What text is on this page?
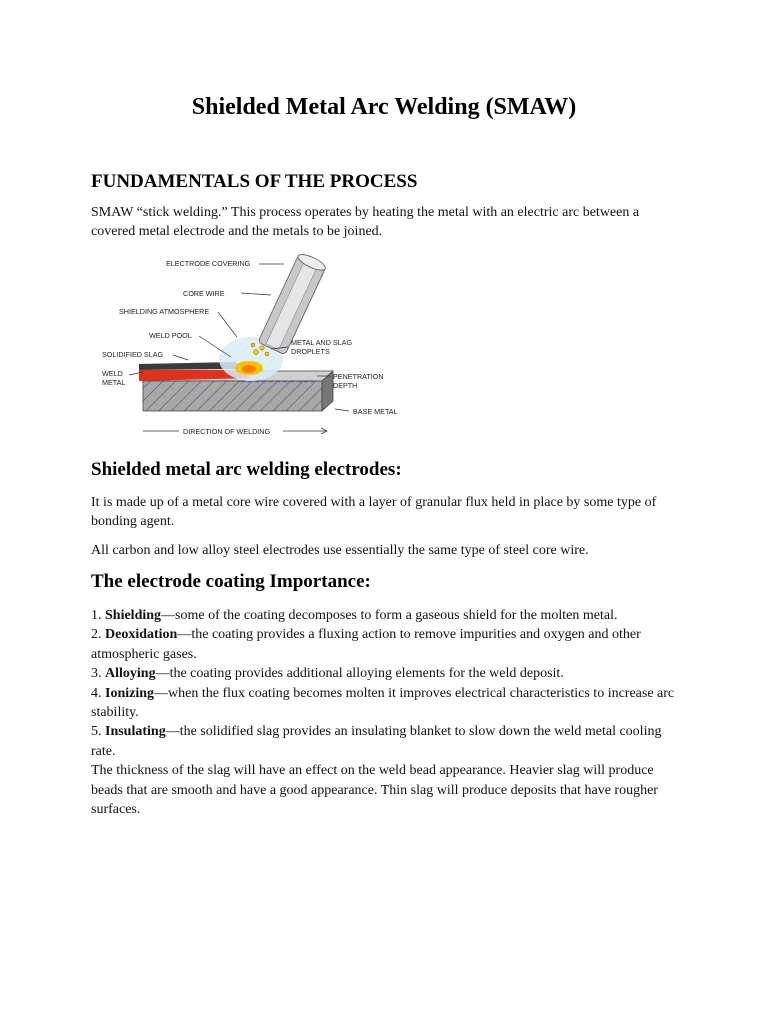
Shielded Metal Arc Welding (SMAW)
FUNDAMENTALS OF THE PROCESS

SMAW “stick welding.” This process operates by heating the metal with an electric arc between a covered metal electrode and the metals to be joined.

ELECTRODE COVERING
CORE WIRE
SHIELDING ATMOSPHERE
WELD POOL
SOLIDIFIED SLAG
WELD
METAL
METAL AND SLAG
DROPLETS
PENETRATION
DEPTH
BASE METAL
DIRECTION OF WELDING
Shielded metal arc welding electrodes:

It is made up of a metal core wire covered with a layer of granular flux held in place by some type of bonding agent.

All carbon and low alloy steel electrodes use essentially the same type of steel core wire.

The electrode coating Importance:
1. Shielding—some of the coating decomposes to form a gaseous shield for the molten metal.
2. Deoxidation—the coating provides a fluxing action to remove impurities and oxygen and other atmospheric gases.
3. Alloying—the coating provides additional alloying elements for the weld deposit.
4. Ionizing—when the flux coating becomes molten it improves electrical characteristics to increase arc stability.
5. Insulating—the solidified slag provides an insulating blanket to slow down the weld metal cooling rate.
The thickness of the slag will have an effect on the weld bead appearance. Heavier slag will produce beads that are smooth and have a good appearance. Thin slag will produce deposits that have rougher surfaces.
